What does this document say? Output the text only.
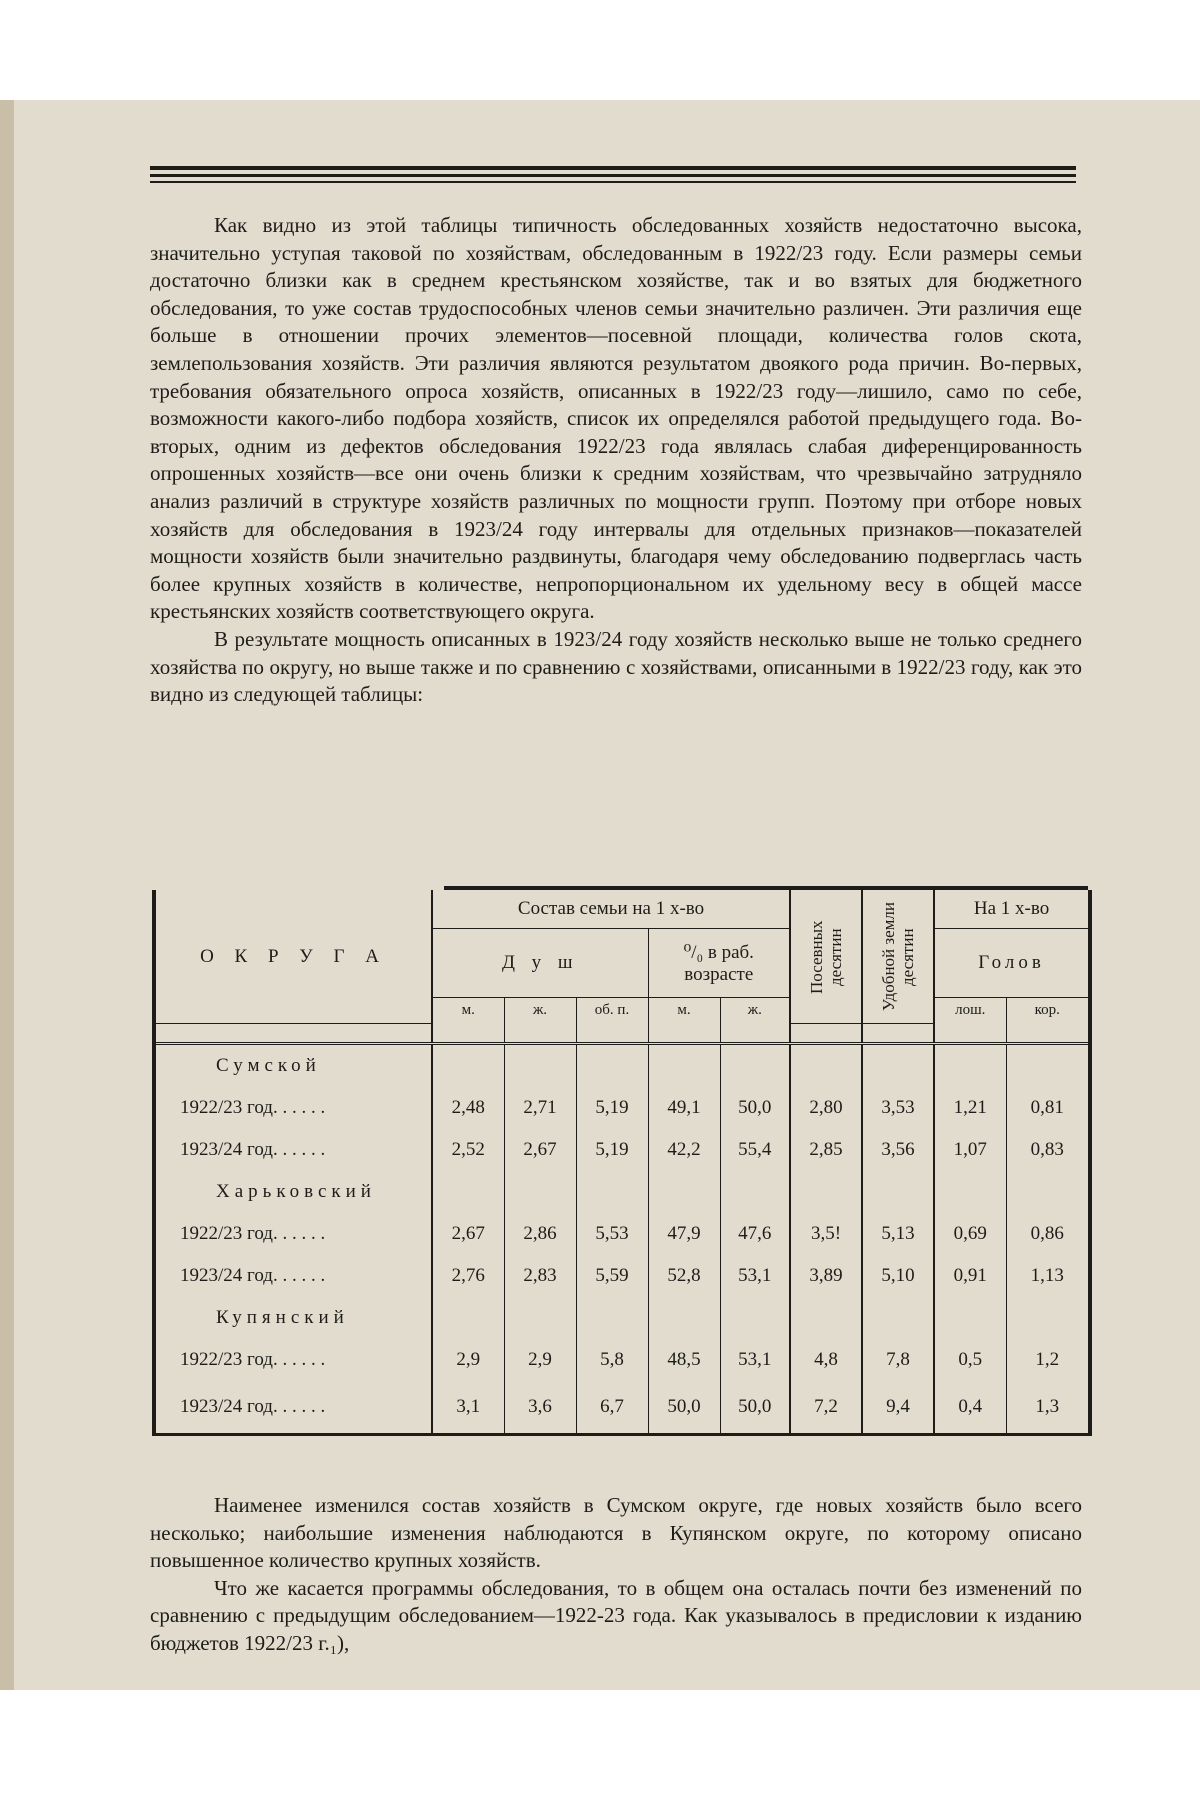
Как видно из этой таблицы типичность обследованных хозяйств недостаточно высока, значительно уступая таковой по хозяйствам, обследованным в 1922/23 году. Если размеры семьи достаточно близки как в среднем крестьянском хозяйстве, так и во взятых для бюджетного обследования, то уже состав трудоспособных членов семьи значительно различен. Эти различия еще больше в отношении прочих элементов—посевной площади, количества голов скота, землепользования хозяйств. Эти различия являются результатом двоякого рода причин. Во-первых, требования обязательного опроса хозяйств, описанных в 1922/23 году—лишило, само по себе, возможности какого-либо подбора хозяйств, список их определялся работой предыдущего года. Во-вторых, одним из дефектов обследования 1922/23 года являлась слабая диференцированность опрошенных хозяйств—все они очень близки к средним хозяйствам, что чрезвычайно затрудняло анализ различий в структуре хозяйств различных по мощности групп. Поэтому при отборе новых хозяйств для обследования в 1923/24 году интервалы для отдельных признаков—показателей мощности хозяйств были значительно раздвинуты, благодаря чему обследованию подверглась часть более крупных хозяйств в количестве, непропорциональном их удельному весу в общей массе крестьянских хозяйств соответствующего округа.

В результате мощность описанных в 1923/24 году хозяйств несколько выше не только среднего хозяйства по округу, но выше также и по сравнению с хозяйствами, описанными в 1922/23 году, как это видно из следующей таблицы:

О К Р У Г А	Состав семьи на 1 х-во					Посевных десятин	Удобной земли десятин	На 1 х-во	
	Д у ш			⁰/₀ в раб. возрасте				Голов	
	м.	ж.	об. п.	м.	ж.			лош.	кор.

Сумской									
1922/23 год. . . . . .	2,48	2,71	5,19	49,1	50,0	2,80	3,53	1,21	0,81
1923/24 год. . . . . .	2,52	2,67	5,19	42,2	55,4	2,85	3,56	1,07	0,83
Харьковский									
1922/23 год. . . . . .	2,67	2,86	5,53	47,9	47,6	3,5!	5,13	0,69	0,86
1923/24 год. . . . . .	2,76	2,83	5,59	52,8	53,1	3,89	5,10	0,91	1,13
Купянский									
1922/23 год. . . . . .	2,9	2,9	5,8	48,5	53,1	4,8	7,8	0,5	1,2
1923/24 год. . . . . .	3,1	3,6	6,7	50,0	50,0	7,2	9,4	0,4	1,3

Наименее изменился состав хозяйств в Сумском округе, где новых хозяйств было всего несколько; наибольшие изменения наблюдаются в Купянском округе, по которому описано повышенное количество крупных хозяйств.

Что же касается программы обследования, то в общем она осталась почти без изменений по сравнению с предыдущим обследованием—1922-23 года. Как указывалось в предисловии к изданию бюджетов 1922/23 г.₁),
